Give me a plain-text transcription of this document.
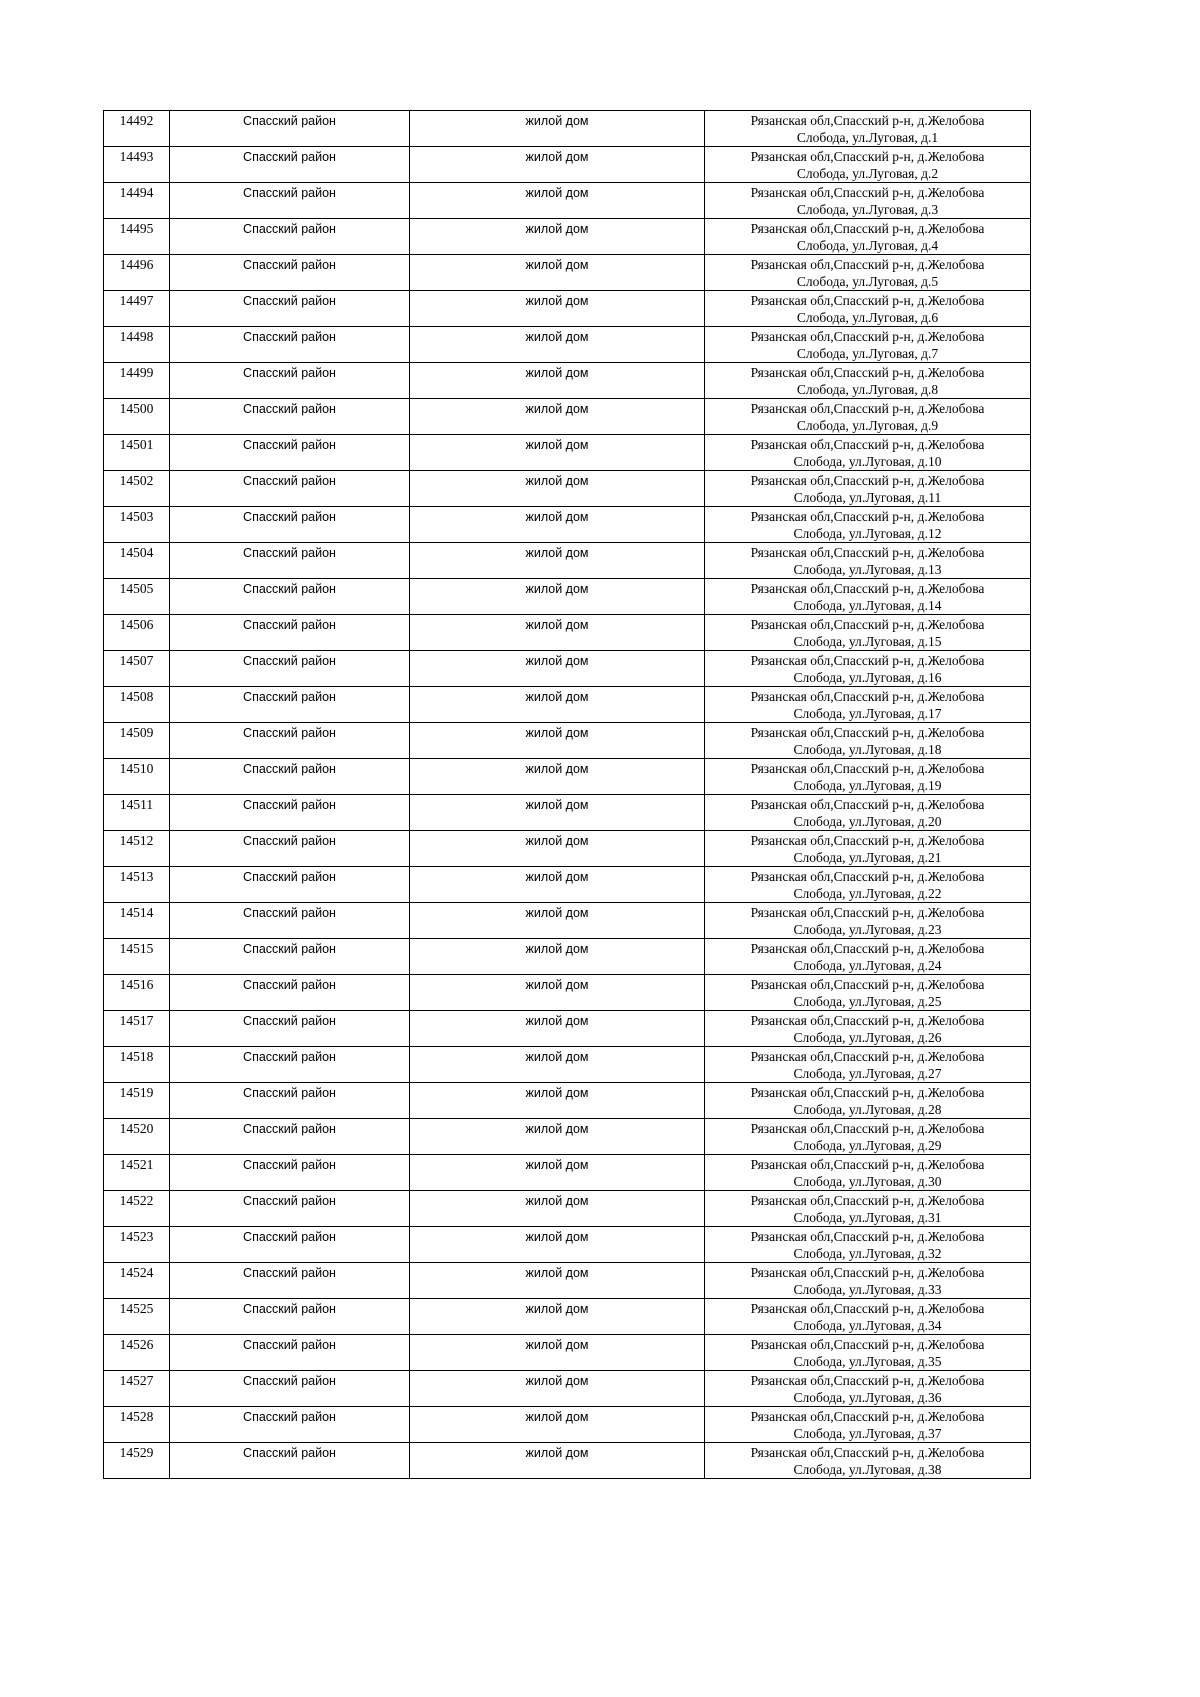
14492	Спасский район	жилой дом	Рязанская обл,Спасский р-н, д.Желобова
Слобода, ул.Луговая, д.1

14493	Спасский район	жилой дом	Рязанская обл,Спасский р-н, д.Желобова
Слобода, ул.Луговая, д.2

14494	Спасский район	жилой дом	Рязанская обл,Спасский р-н, д.Желобова
Слобода, ул.Луговая, д.3

14495	Спасский район	жилой дом	Рязанская обл,Спасский р-н, д.Желобова
Слобода, ул.Луговая, д.4

14496	Спасский район	жилой дом	Рязанская обл,Спасский р-н, д.Желобова
Слобода, ул.Луговая, д.5

14497	Спасский район	жилой дом	Рязанская обл,Спасский р-н, д.Желобова
Слобода, ул.Луговая, д.6

14498	Спасский район	жилой дом	Рязанская обл,Спасский р-н, д.Желобова
Слобода, ул.Луговая, д.7

14499	Спасский район	жилой дом	Рязанская обл,Спасский р-н, д.Желобова
Слобода, ул.Луговая, д.8

14500	Спасский район	жилой дом	Рязанская обл,Спасский р-н, д.Желобова
Слобода, ул.Луговая, д.9

14501	Спасский район	жилой дом	Рязанская обл,Спасский р-н, д.Желобова
Слобода, ул.Луговая, д.10

14502	Спасский район	жилой дом	Рязанская обл,Спасский р-н, д.Желобова
Слобода, ул.Луговая, д.11

14503	Спасский район	жилой дом	Рязанская обл,Спасский р-н, д.Желобова
Слобода, ул.Луговая, д.12

14504	Спасский район	жилой дом	Рязанская обл,Спасский р-н, д.Желобова
Слобода, ул.Луговая, д.13

14505	Спасский район	жилой дом	Рязанская обл,Спасский р-н, д.Желобова
Слобода, ул.Луговая, д.14

14506	Спасский район	жилой дом	Рязанская обл,Спасский р-н, д.Желобова
Слобода, ул.Луговая, д.15

14507	Спасский район	жилой дом	Рязанская обл,Спасский р-н, д.Желобова
Слобода, ул.Луговая, д.16

14508	Спасский район	жилой дом	Рязанская обл,Спасский р-н, д.Желобова
Слобода, ул.Луговая, д.17

14509	Спасский район	жилой дом	Рязанская обл,Спасский р-н, д.Желобова
Слобода, ул.Луговая, д.18

14510	Спасский район	жилой дом	Рязанская обл,Спасский р-н, д.Желобова
Слобода, ул.Луговая, д.19

14511	Спасский район	жилой дом	Рязанская обл,Спасский р-н, д.Желобова
Слобода, ул.Луговая, д.20

14512	Спасский район	жилой дом	Рязанская обл,Спасский р-н, д.Желобова
Слобода, ул.Луговая, д.21

14513	Спасский район	жилой дом	Рязанская обл,Спасский р-н, д.Желобова
Слобода, ул.Луговая, д.22

14514	Спасский район	жилой дом	Рязанская обл,Спасский р-н, д.Желобова
Слобода, ул.Луговая, д.23

14515	Спасский район	жилой дом	Рязанская обл,Спасский р-н, д.Желобова
Слобода, ул.Луговая, д.24

14516	Спасский район	жилой дом	Рязанская обл,Спасский р-н, д.Желобова
Слобода, ул.Луговая, д.25

14517	Спасский район	жилой дом	Рязанская обл,Спасский р-н, д.Желобова
Слобода, ул.Луговая, д.26

14518	Спасский район	жилой дом	Рязанская обл,Спасский р-н, д.Желобова
Слобода, ул.Луговая, д.27

14519	Спасский район	жилой дом	Рязанская обл,Спасский р-н, д.Желобова
Слобода, ул.Луговая, д.28

14520	Спасский район	жилой дом	Рязанская обл,Спасский р-н, д.Желобова
Слобода, ул.Луговая, д.29

14521	Спасский район	жилой дом	Рязанская обл,Спасский р-н, д.Желобова
Слобода, ул.Луговая, д.30

14522	Спасский район	жилой дом	Рязанская обл,Спасский р-н, д.Желобова
Слобода, ул.Луговая, д.31

14523	Спасский район	жилой дом	Рязанская обл,Спасский р-н, д.Желобова
Слобода, ул.Луговая, д.32

14524	Спасский район	жилой дом	Рязанская обл,Спасский р-н, д.Желобова
Слобода, ул.Луговая, д.33

14525	Спасский район	жилой дом	Рязанская обл,Спасский р-н, д.Желобова
Слобода, ул.Луговая, д.34

14526	Спасский район	жилой дом	Рязанская обл,Спасский р-н, д.Желобова
Слобода, ул.Луговая, д.35

14527	Спасский район	жилой дом	Рязанская обл,Спасский р-н, д.Желобова
Слобода, ул.Луговая, д.36

14528	Спасский район	жилой дом	Рязанская обл,Спасский р-н, д.Желобова
Слобода, ул.Луговая, д.37

14529	Спасский район	жилой дом	Рязанская обл,Спасский р-н, д.Желобова
Слобода, ул.Луговая, д.38
